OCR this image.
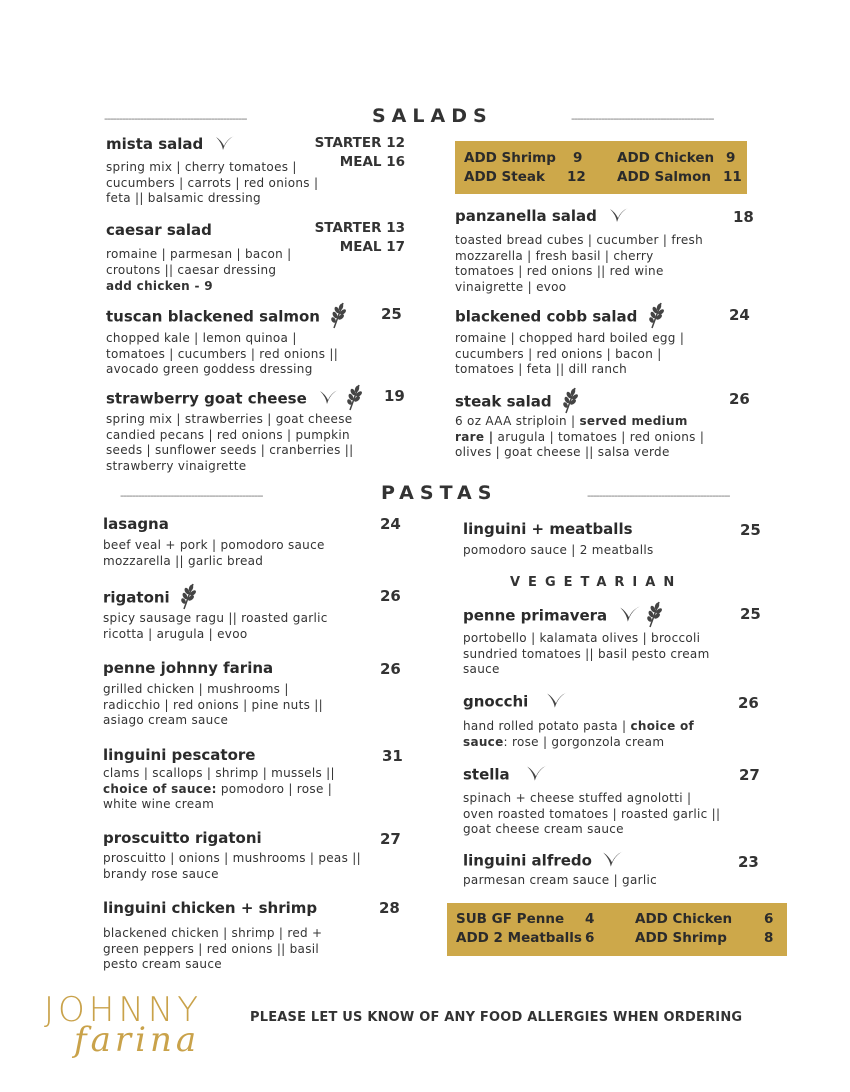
------------------------------------------------	SALADS	------------------------------------------------
mista salad	STARTER 12
MEAL 16
spring mix | cherry tomatoes | cucumbers | carrots | red onions | feta || balsamic dressing
caesar salad	STARTER 13
MEAL 17
romaine | parmesan | bacon | croutons || caesar dressing
add chicken - 9
tuscan blackened salmon	25
chopped kale | lemon quinoa | tomatoes | cucumbers | red onions || avocado green goddess dressing
strawberry goat cheese	19
spring mix | strawberries | goat cheese candied pecans | red onions | pumpkin seeds | sunflower seeds | cranberries || strawberry vinaigrette
ADD Shrimp 9	ADD Chicken 9
ADD Steak 12 ADD Salmon 11
panzanella salad	18
toasted bread cubes | cucumber | fresh mozzarella | fresh basil | cherry tomatoes | red onions || red wine vinaigrette | evoo
blackened cobb salad	24
romaine | chopped hard boiled egg | cucumbers | red onions | bacon | tomatoes | feta || dill ranch
steak salad	26
6 oz AAA striploin | served medium rare | arugula | tomatoes | red onions | olives | goat cheese || salsa verde
------------------------------------------------	PASTAS	------------------------------------------------
lasagna	24
beef veal + pork | pomodoro sauce mozzarella || garlic bread
rigatoni	26
spicy sausage ragu || roasted garlic ricotta | arugula | evoo
penne johnny farina	26
grilled chicken | mushrooms | radicchio | red onions | pine nuts || asiago cream sauce
linguini pescatore	31
clams | scallops | shrimp | mussels || choice of sauce: pomodoro | rose | white wine cream
proscuitto rigatoni	27
proscuitto | onions | mushrooms | peas || brandy rose sauce
linguini chicken + shrimp	28
blackened chicken | shrimp | red + green peppers | red onions || basil pesto cream sauce
linguini + meatballs	25
pomodoro sauce | 2 meatballs
VEGETARIAN
penne primavera	25
portobello | kalamata olives | broccoli sundried tomatoes || basil pesto cream sauce
gnocchi	26
hand rolled potato pasta | choice of sauce: rose | gorgonzola cream
stella	27
spinach + cheese stuffed agnolotti | oven roasted tomatoes | roasted garlic || goat cheese cream sauce
linguini alfredo	23
parmesan cream sauce | garlic
SUB GF Penne 4	ADD Chicken 6
ADD 2 Meatballs 6	ADD Shrimp	8
JOHNNY
farina
PLEASE LET US KNOW OF ANY FOOD ALLERGIES WHEN ORDERING
